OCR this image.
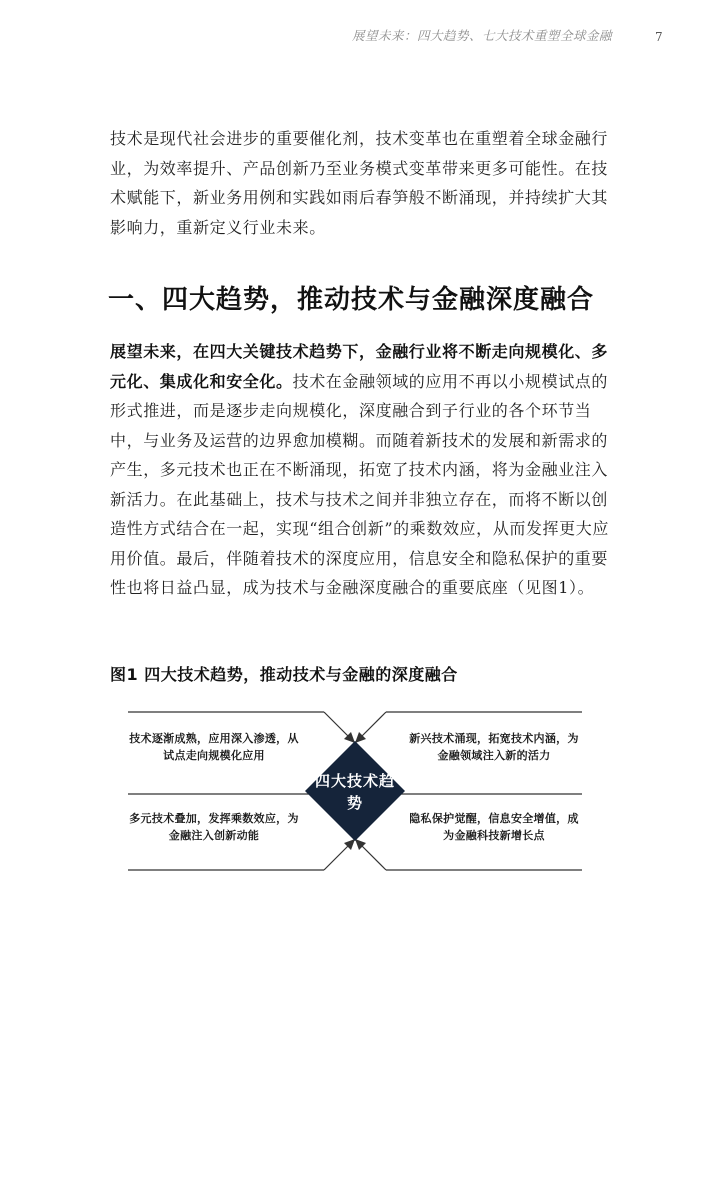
展望未来：四大趋势、七大技术重塑全球金融	7

技术是现代社会进步的重要催化剂，技术变革也在重塑着全球金融行业，为效率提升、产品创新乃至业务模式变革带来更多可能性。在技术赋能下，新业务用例和实践如雨后春笋般不断涌现，并持续扩大其影响力，重新定义行业未来。

一、四大趋势，推动技术与金融深度融合

展望未来，在四大关键技术趋势下，金融行业将不断走向规模化、多元化、集成化和安全化。技术在金融领域的应用不再以小规模试点的形式推进，而是逐步走向规模化，深度融合到子行业的各个环节当中，与业务及运营的边界愈加模糊。而随着新技术的发展和新需求的产生，多元技术也正在不断涌现，拓宽了技术内涵，将为金融业注入新活力。在此基础上，技术与技术之间并非独立存在，而将不断以创造性方式结合在一起，实现“组合创新”的乘数效应，从而发挥更大应用价值。最后，伴随着技术的深度应用，信息安全和隐私保护的重要性也将日益凸显，成为技术与金融深度融合的重要底座（见图1）。

图1 四大技术趋势，推动技术与金融的深度融合
技术逐渐成熟，应用深入渗透，从试点走向规模化应用
新兴技术涌现，拓宽技术内涵，为金融领域注入新的活力
多元技术叠加，发挥乘数效应，为金融注入创新动能
隐私保护觉醒，信息安全增值，成为金融科技新增长点
四大技术趋势
